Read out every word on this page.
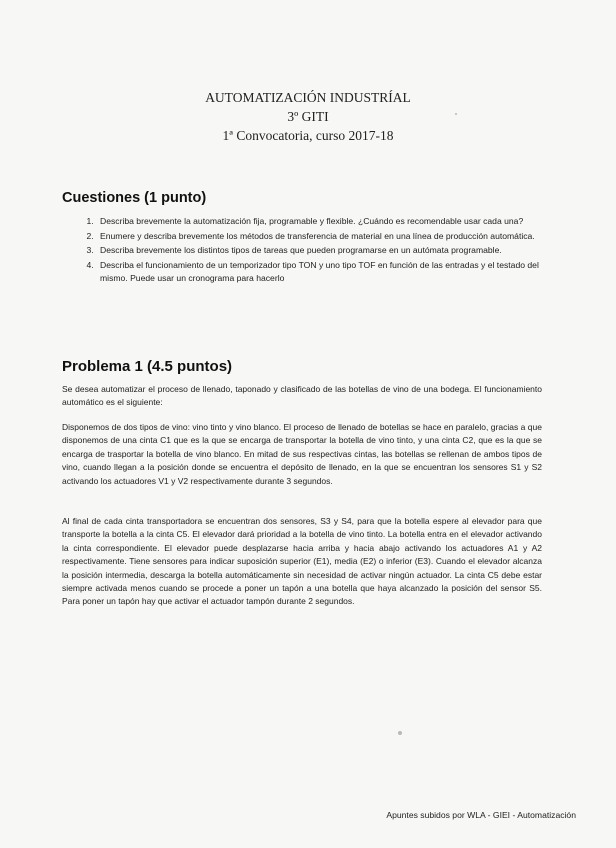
AUTOMATIZACIÓN INDUSTRÍAL
3º GITI
1ª Convocatoria, curso 2017-18
Cuestiones (1 punto)
1. Describa brevemente la automatización fija, programable y flexible. ¿Cuándo es recomendable usar cada una?
2. Enumere y describa brevemente los métodos de transferencia de material en una línea de producción automática.
3. Describa brevemente los distintos tipos de tareas que pueden programarse en un autómata programable.
4. Describa el funcionamiento de un temporizador tipo TON y uno tipo TOF en función de las entradas y el testado del mismo. Puede usar un cronograma para hacerlo
Problema 1 (4.5 puntos)

Se desea automatizar el proceso de llenado, taponado y clasificado de las botellas de vino de una bodega. El funcionamiento automático es el siguiente:

Disponemos de dos tipos de vino: vino tinto y vino blanco. El proceso de llenado de botellas se hace en paralelo, gracias a que disponemos de una cinta C1 que es la que se encarga de transportar la botella de vino tinto, y una cinta C2, que es la que se encarga de trasportar la botella de vino blanco. En mitad de sus respectivas cintas, las botellas se rellenan de ambos tipos de vino, cuando llegan a la posición donde se encuentra el depósito de llenado, en la que se encuentran los sensores S1 y S2 activando los actuadores V1 y V2 respectivamente durante 3 segundos.

Al final de cada cinta transportadora se encuentran dos sensores, S3 y S4, para que la botella espere al elevador para que transporte la botella a la cinta C5. El elevador dará prioridad a la botella de vino tinto. La botella entra en el elevador activando la cinta correspondiente. El elevador puede desplazarse hacia arriba y hacia abajo activando los actuadores A1 y A2 respectivamente. Tiene sensores para indicar suposición superior (E1), media (E2) o inferior (E3). Cuando el elevador alcanza la posición intermedia, descarga la botella automáticamente sin necesidad de activar ningún actuador. La cinta C5 debe estar siempre activada menos cuando se procede a poner un tapón a una botella que haya alcanzado la posición del sensor S5. Para poner un tapón hay que activar el actuador tampón durante 2 segundos.

Apuntes subidos por WLA - GIEI - Automatización
